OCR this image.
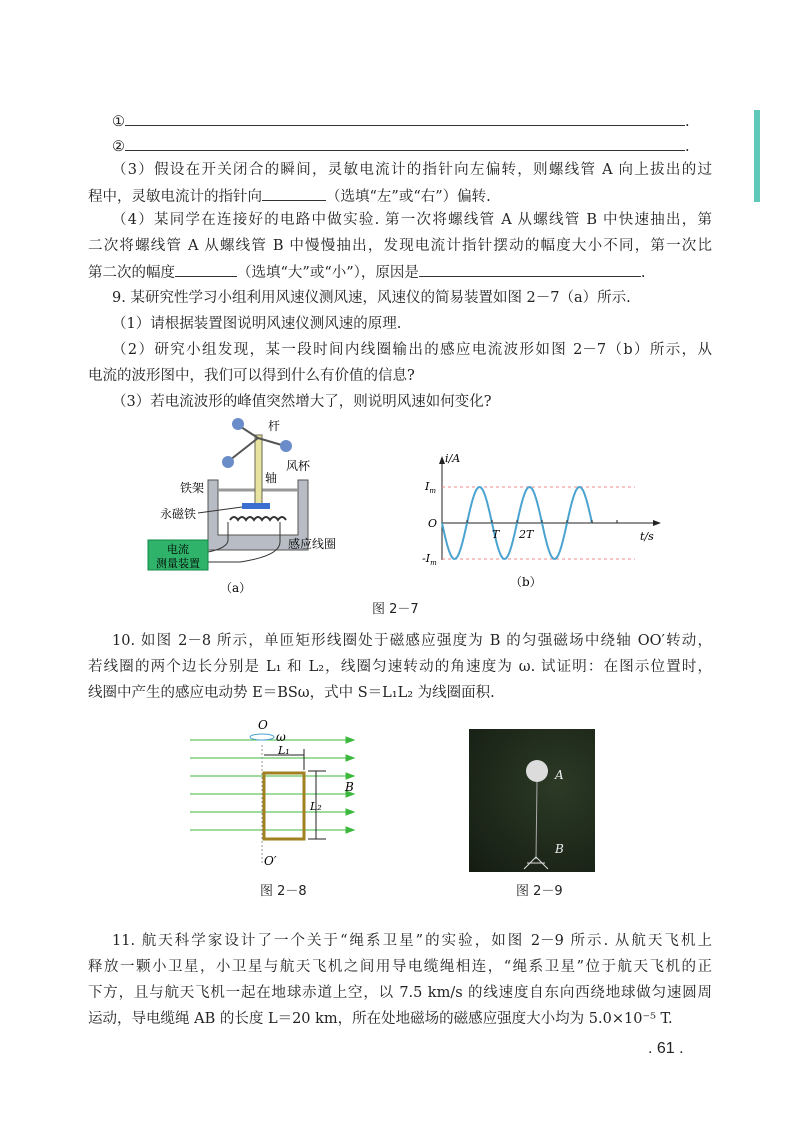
①	.
②	.
（3）假设在开关闭合的瞬间，灵敏电流计的指针向左偏转，则螺线管 A 向上拔出的过
程中，灵敏电流计的指针向	（选填“左”或“右”）偏转.
（4）某同学在连接好的电路中做实验. 第一次将螺线管 A 从螺线管 B 中快速抽出，第
二次将螺线管 A 从螺线管 B 中慢慢抽出，发现电流计指针摆动的幅度大小不同，第一次比
第二次的幅度	（选填“大”或“小”），原因是	.
9. 某研究性学习小组利用风速仪测风速，风速仪的简易装置如图 2－7（a）所示.
（1）请根据装置图说明风速仪测风速的原理.
（2）研究小组发现，某一段时间内线圈输出的感应电流波形如图 2－7（b）所示，从
电流的波形图中，我们可以得到什么有价值的信息?
（3）若电流波形的峰值突然增大了，则说明风速如何变化?
杆
风杯
轴
铁架
永磁铁
感应线圈
电流
测量装置
（a）
i/A
$I_m$
$-I_m$
O
T 2T	t/s
（b）
图 2－7
10. 如图 2－8 所示，单匝矩形线圈处于磁感应强度为 B 的匀强磁场中绕轴 OO′转动，
若线圈的两个边长分别是 L₁ 和 L₂，线圈匀速转动的角速度为 ω. 试证明：在图示位置时，
线圈中产生的感应电动势 E＝BSω，式中 S＝L₁L₂ 为线圈面积.
O
ω
L₁
L₂
B
O′
图 2－8
A
B
图 2－9
11. 航天科学家设计了一个关于“绳系卫星”的实验，如图 2－9 所示. 从航天飞机上
释放一颗小卫星，小卫星与航天飞机之间用导电缆绳相连，“绳系卫星”位于航天飞机的正
下方，且与航天飞机一起在地球赤道上空，以 7.5 km/s 的线速度自东向西绕地球做匀速圆周
运动，导电缆绳 AB 的长度 L＝20 km，所在处地磁场的磁感应强度大小均为 5.0×10⁻⁵ T.
. 61 .
